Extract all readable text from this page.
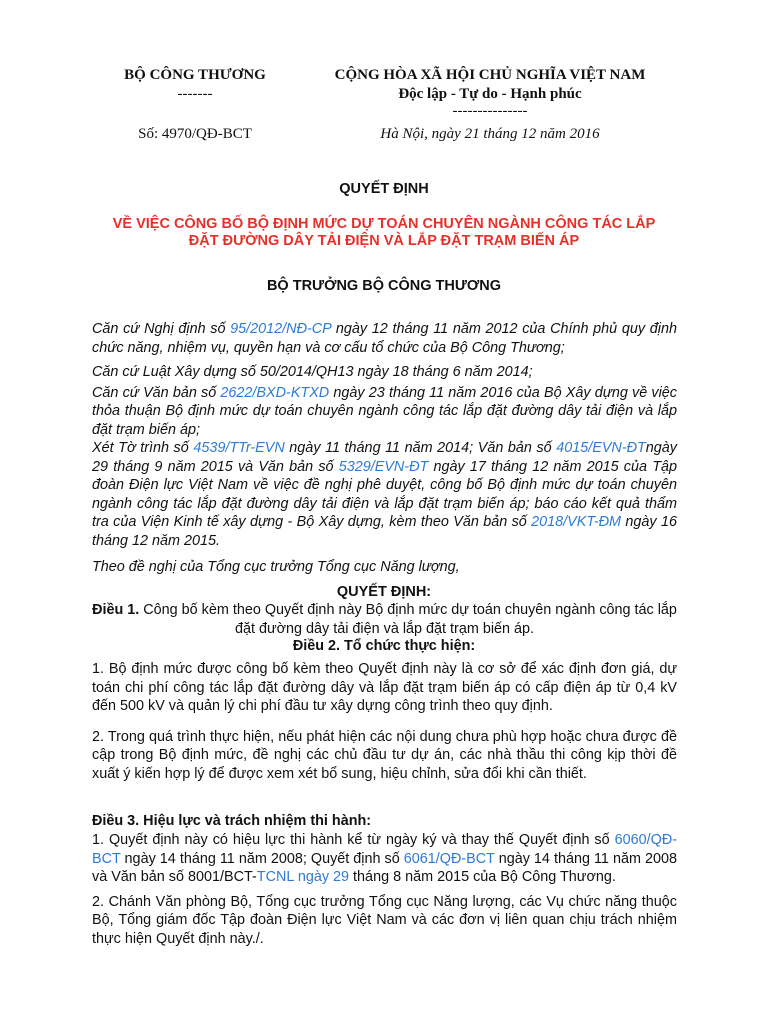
BỘ CÔNG THƯƠNG
-------
CỘNG HÒA XÃ HỘI CHỦ NGHĨA VIỆT NAM
Độc lập - Tự do - Hạnh phúc
---------------
Số: 4970/QĐ-BCT	Hà Nội, ngày 21 tháng 12 năm 2016
QUYẾT ĐỊNH
VỀ VIỆC CÔNG BỐ BỘ ĐỊNH MỨC DỰ TOÁN CHUYÊN NGÀNH CÔNG TÁC LẮP
ĐẶT ĐƯỜNG DÂY TẢI ĐIỆN VÀ LẮP ĐẶT TRẠM BIẾN ÁP
BỘ TRƯỞNG BỘ CÔNG THƯƠNG

Căn cứ Nghị định số 95/2012/NĐ-CP ngày 12 tháng 11 năm 2012 của Chính phủ quy định chức năng, nhiệm vụ, quyền hạn và cơ cấu tổ chức của Bộ Công Thương;

Căn cứ Luật Xây dựng số 50/2014/QH13 ngày 18 tháng 6 năm 2014;

Căn cứ Văn bản số 2622/BXD-KTXD ngày 23 tháng 11 năm 2016 của Bộ Xây dựng về việc thỏa thuận Bộ định mức dự toán chuyên ngành công tác lắp đặt đường dây tải điện và lắp đặt trạm biến áp;

Xét Tờ trình số 4539/TTr-EVN ngày 11 tháng 11 năm 2014; Văn bản số 4015/EVN-ĐTngày 29 tháng 9 năm 2015 và Văn bản số 5329/EVN-ĐT ngày 17 tháng 12 năm 2015 của Tập đoàn Điện lực Việt Nam về việc đề nghị phê duyệt, công bố Bộ định mức dự toán chuyên ngành công tác lắp đặt đường dây tải điện và lắp đặt trạm biến áp; báo cáo kết quả thẩm tra của Viện Kinh tế xây dựng - Bộ Xây dựng, kèm theo Văn bản số 2018/VKT-ĐM ngày 16 tháng 12 năm 2015.

Theo đề nghị của Tổng cục trưởng Tổng cục Năng lượng,

QUYẾT ĐỊNH:
Điều 1. Công bố kèm theo Quyết định này Bộ định mức dự toán chuyên ngành công tác lắp đặt đường dây tải điện và lắp đặt trạm biến áp.
Điều 2. Tổ chức thực hiện:

1. Bộ định mức được công bố kèm theo Quyết định này là cơ sở để xác định đơn giá, dự toán chi phí công tác lắp đặt đường dây và lắp đặt trạm biến áp có cấp điện áp từ 0,4 kV đến 500 kV và quản lý chi phí đầu tư xây dựng công trình theo quy định.

2. Trong quá trình thực hiện, nếu phát hiện các nội dung chưa phù hợp hoặc chưa được đề cập trong Bộ định mức, đề nghị các chủ đầu tư dự án, các nhà thầu thi công kịp thời đề xuất ý kiến hợp lý để được xem xét bổ sung, hiệu chỉnh, sửa đổi khi cần thiết.

Điều 3. Hiệu lực và trách nhiệm thi hành:

1. Quyết định này có hiệu lực thi hành kể từ ngày ký và thay thế Quyết định số 6060/QĐ-BCT ngày 14 tháng 11 năm 2008; Quyết định số 6061/QĐ-BCT ngày 14 tháng 11 năm 2008 và Văn bản số 8001/BCT-TCNL ngày 29 tháng 8 năm 2015 của Bộ Công Thương.

2. Chánh Văn phòng Bộ, Tổng cục trưởng Tổng cục Năng lượng, các Vụ chức năng thuộc Bộ, Tổng giám đốc Tập đoàn Điện lực Việt Nam và các đơn vị liên quan chịu trách nhiệm thực hiện Quyết định này./.
